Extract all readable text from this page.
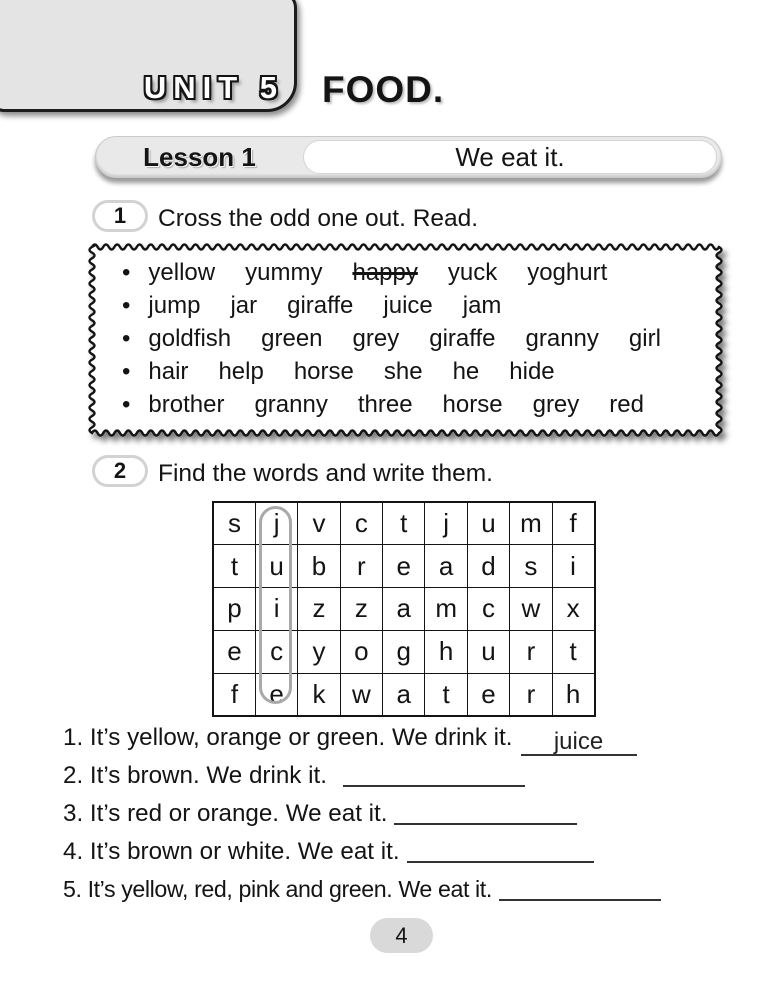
UNIT 5 FOOD.
Lesson 1	We eat it.
1	Cross the odd one out. Read.
• yellow yummy happy yuck yoghurt
• jump jar giraffe juice jam
• goldfish green grey giraffe granny girl
• hair help horse she he hide
• brother granny three horse grey red
2	Find the words and write them.
s	j	v	c	t	j	u	m	f
t	u	b	r	e	a	d	s	i
p	i	z	z	a	m	c	w	x
e	c	y	o	g	h	u	r	t
f	e	k	w	a	t	e	r	h
1. It’s yellow, orange or green. We drink it.	juice
2. It’s brown. We drink it.
3. It’s red or orange. We eat it.
4. It’s brown or white. We eat it.
5. It’s yellow, red, pink and green. We eat it.
4
